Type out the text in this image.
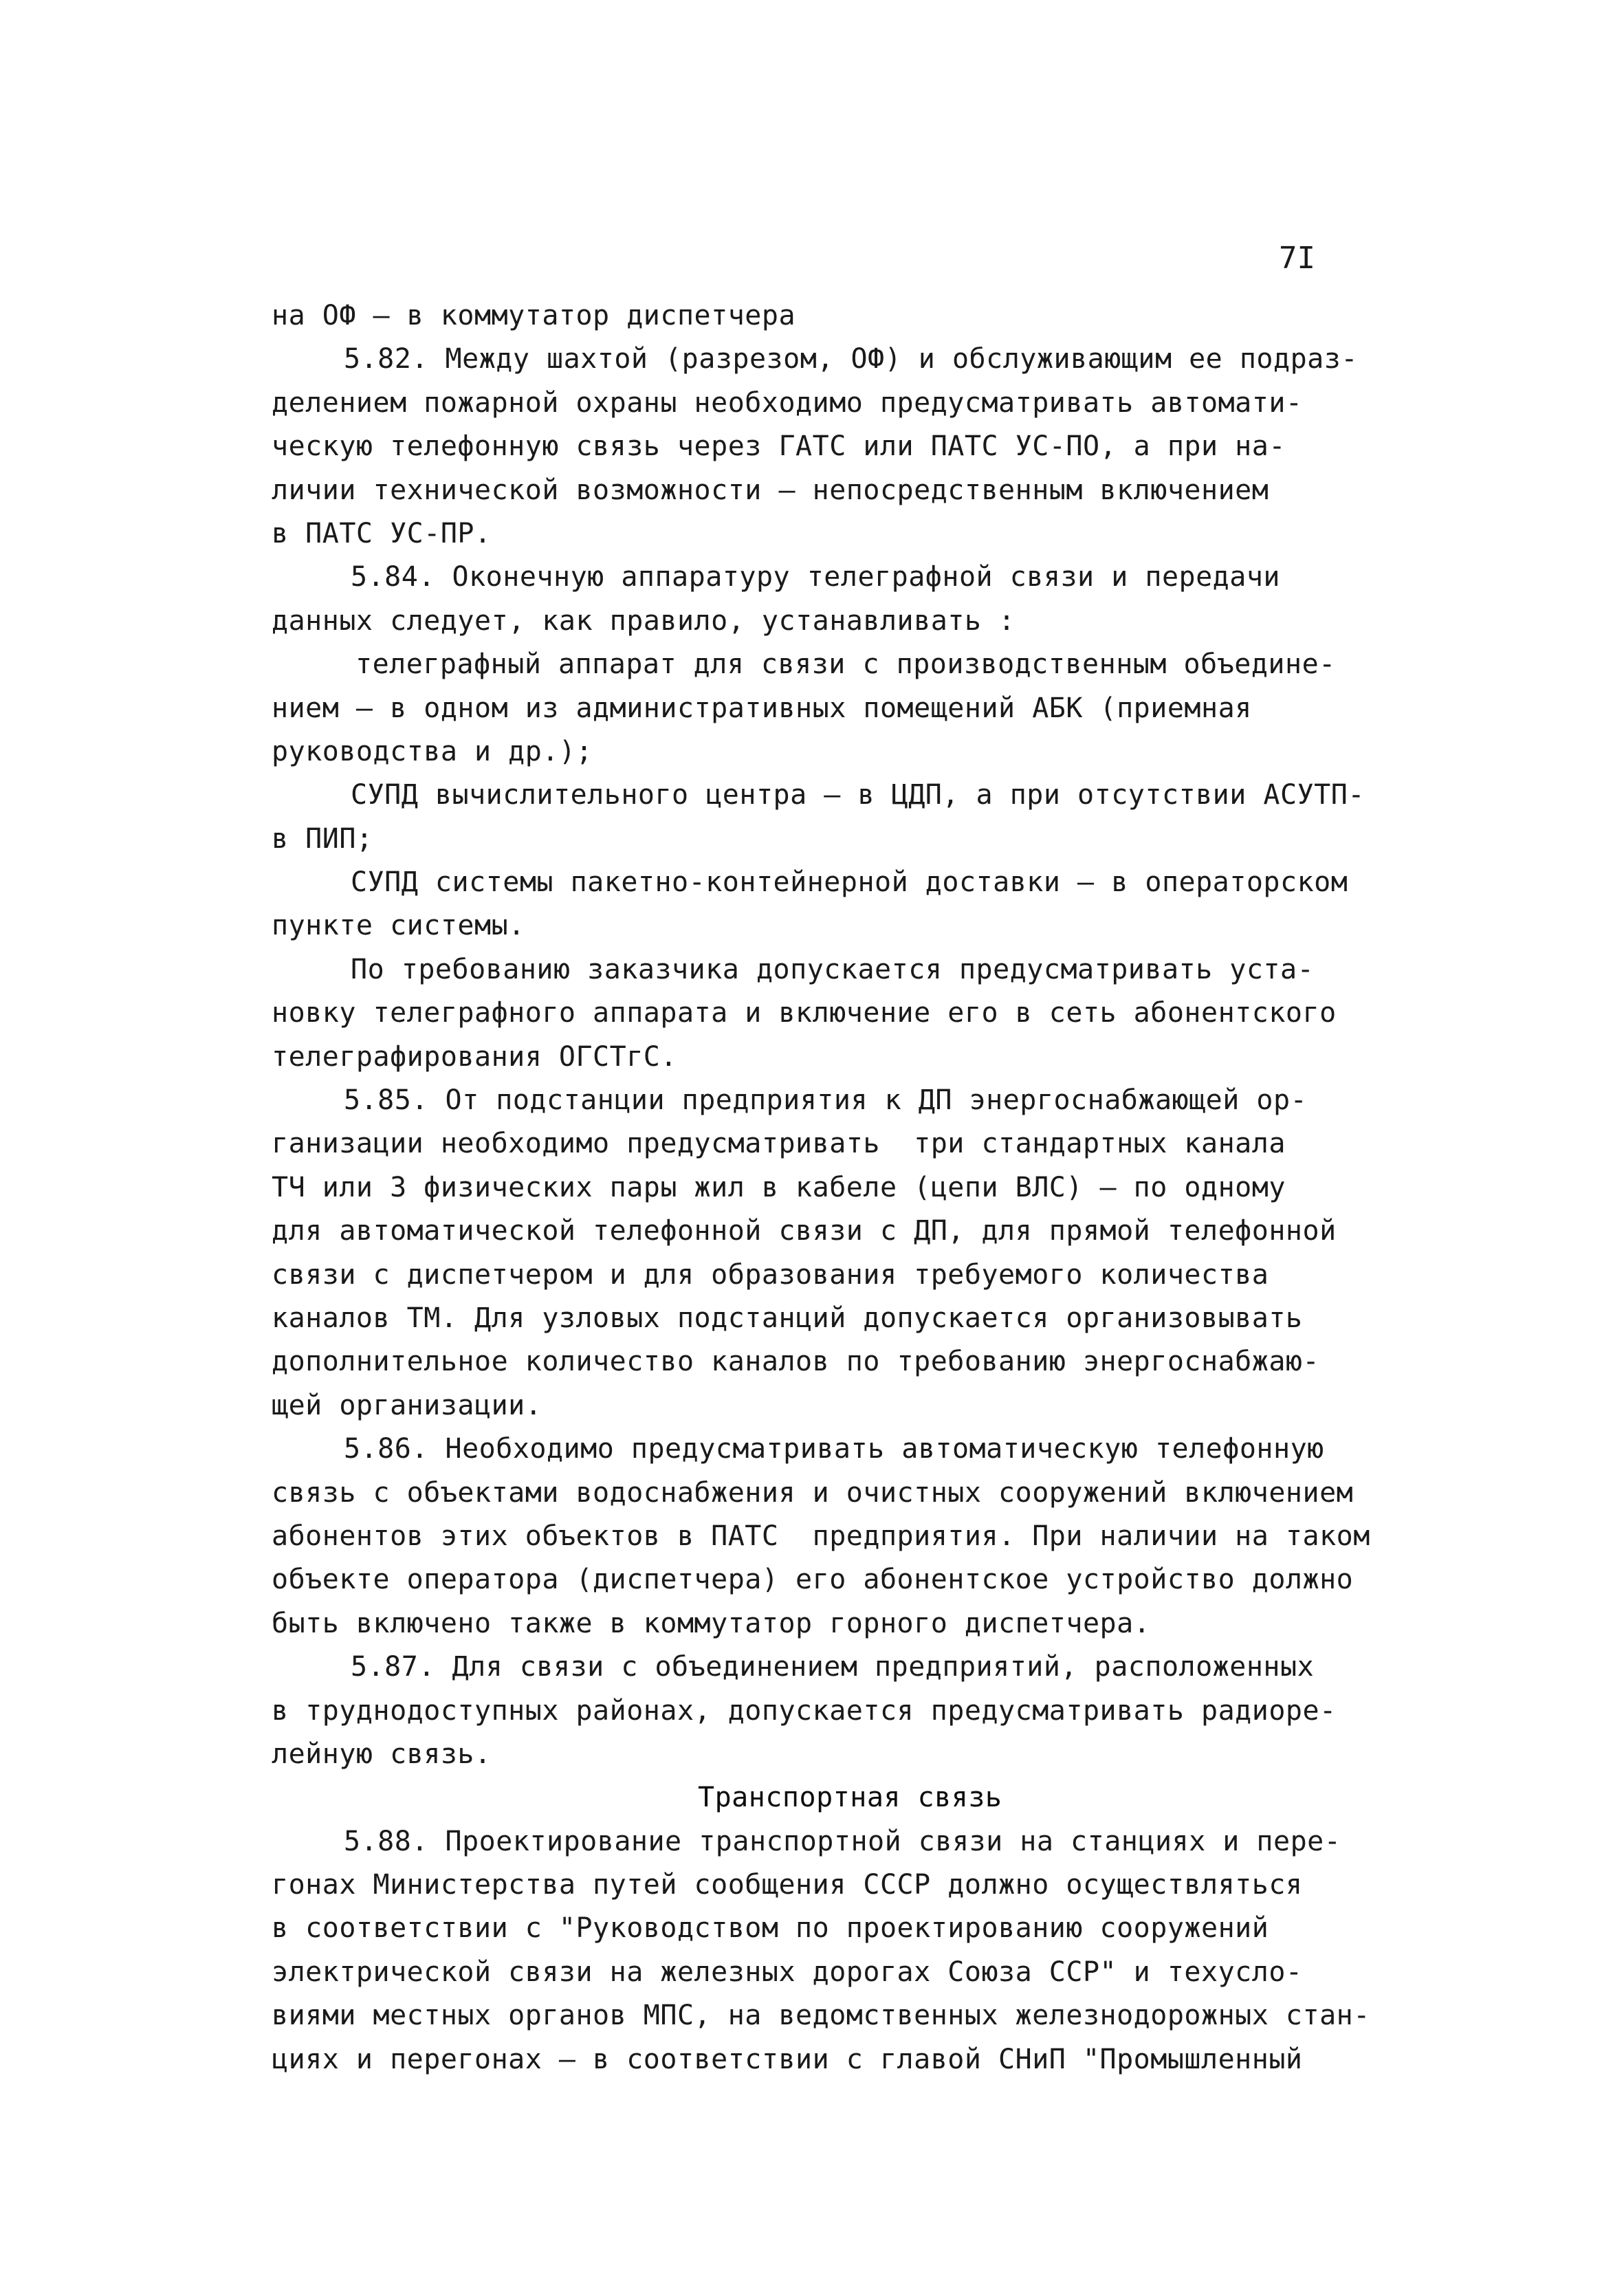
7I
на ОФ – в коммутатор диспетчера
5.82. Между шахтой (разрезом, ОФ) и обслуживающим ее подраз-
делением пожарной охраны необходимо предусматривать автомати-
ческую телефонную связь через ГАТС или ПАТС УС-ПО, а при на-
личии технической возможности – непосредственным включением
в ПАТС УС-ПР.
5.84. Оконечную аппаратуру телеграфной связи и передачи
данных следует, как правило, устанавливать :
телеграфный аппарат для связи с производственным объедине-
нием – в одном из административных помещений АБК (приемная
руководства и др.);
СУПД вычислительного центра – в ЦДП, а при отсутствии АСУТП-
в ПИП;
СУПД системы пакетно-контейнерной доставки – в операторском
пункте системы.
По требованию заказчика допускается предусматривать уста-
новку телеграфного аппарата и включение его в сеть абонентского
телеграфирования ОГСТгС.
5.85. От подстанции предприятия к ДП энергоснабжающей ор-
ганизации необходимо предусматривать  три стандартных канала
ТЧ или 3 физических пары жил в кабеле (цепи ВЛС) – по одному
для автоматической телефонной связи с ДП, для прямой телефонной
связи с диспетчером и для образования требуемого количества
каналов ТМ. Для узловых подстанций допускается организовывать
дополнительное количество каналов по требованию энергоснабжаю-
щей организации.
5.86. Необходимо предусматривать автоматическую телефонную
связь с объектами водоснабжения и очистных сооружений включением
абонентов этих объектов в ПАТС  предприятия. При наличии на таком
объекте оператора (диспетчера) его абонентское устройство должно
быть включено также в коммутатор горного диспетчера.
5.87. Для связи с объединением предприятий, расположенных
в труднодоступных районах, допускается предусматривать радиоре-
лейную связь.
Транспортная связь
5.88. Проектирование транспортной связи на станциях и пере-
гонах Министерства путей сообщения СССР должно осуществляться
в соответствии с "Руководством по проектированию сооружений
электрической связи на железных дорогах Союза ССР" и техусло-
виями местных органов МПС, на ведомственных железнодорожных стан-
циях и перегонах – в соответствии с главой СНиП "Промышленный
